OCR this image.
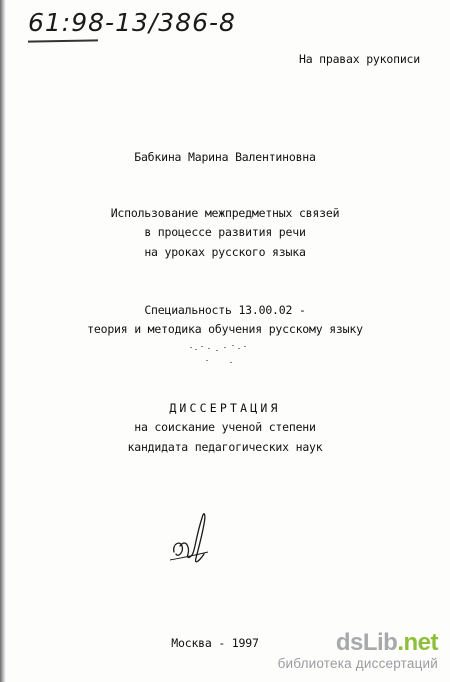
61:98-13/386-8
На правах рукописи
Бабкина Марина Валентиновна
Использование межпредметных связей
в процессе развития речи
на уроках русского языка
Специальность 13.00.02 -
теория и методика обучения русскому языку
ДИССЕРТАЦИЯ
на соискание ученой степени
кандидата педагогических наук
Москва - 1997	dsLib.net
библиотека диссертаций
